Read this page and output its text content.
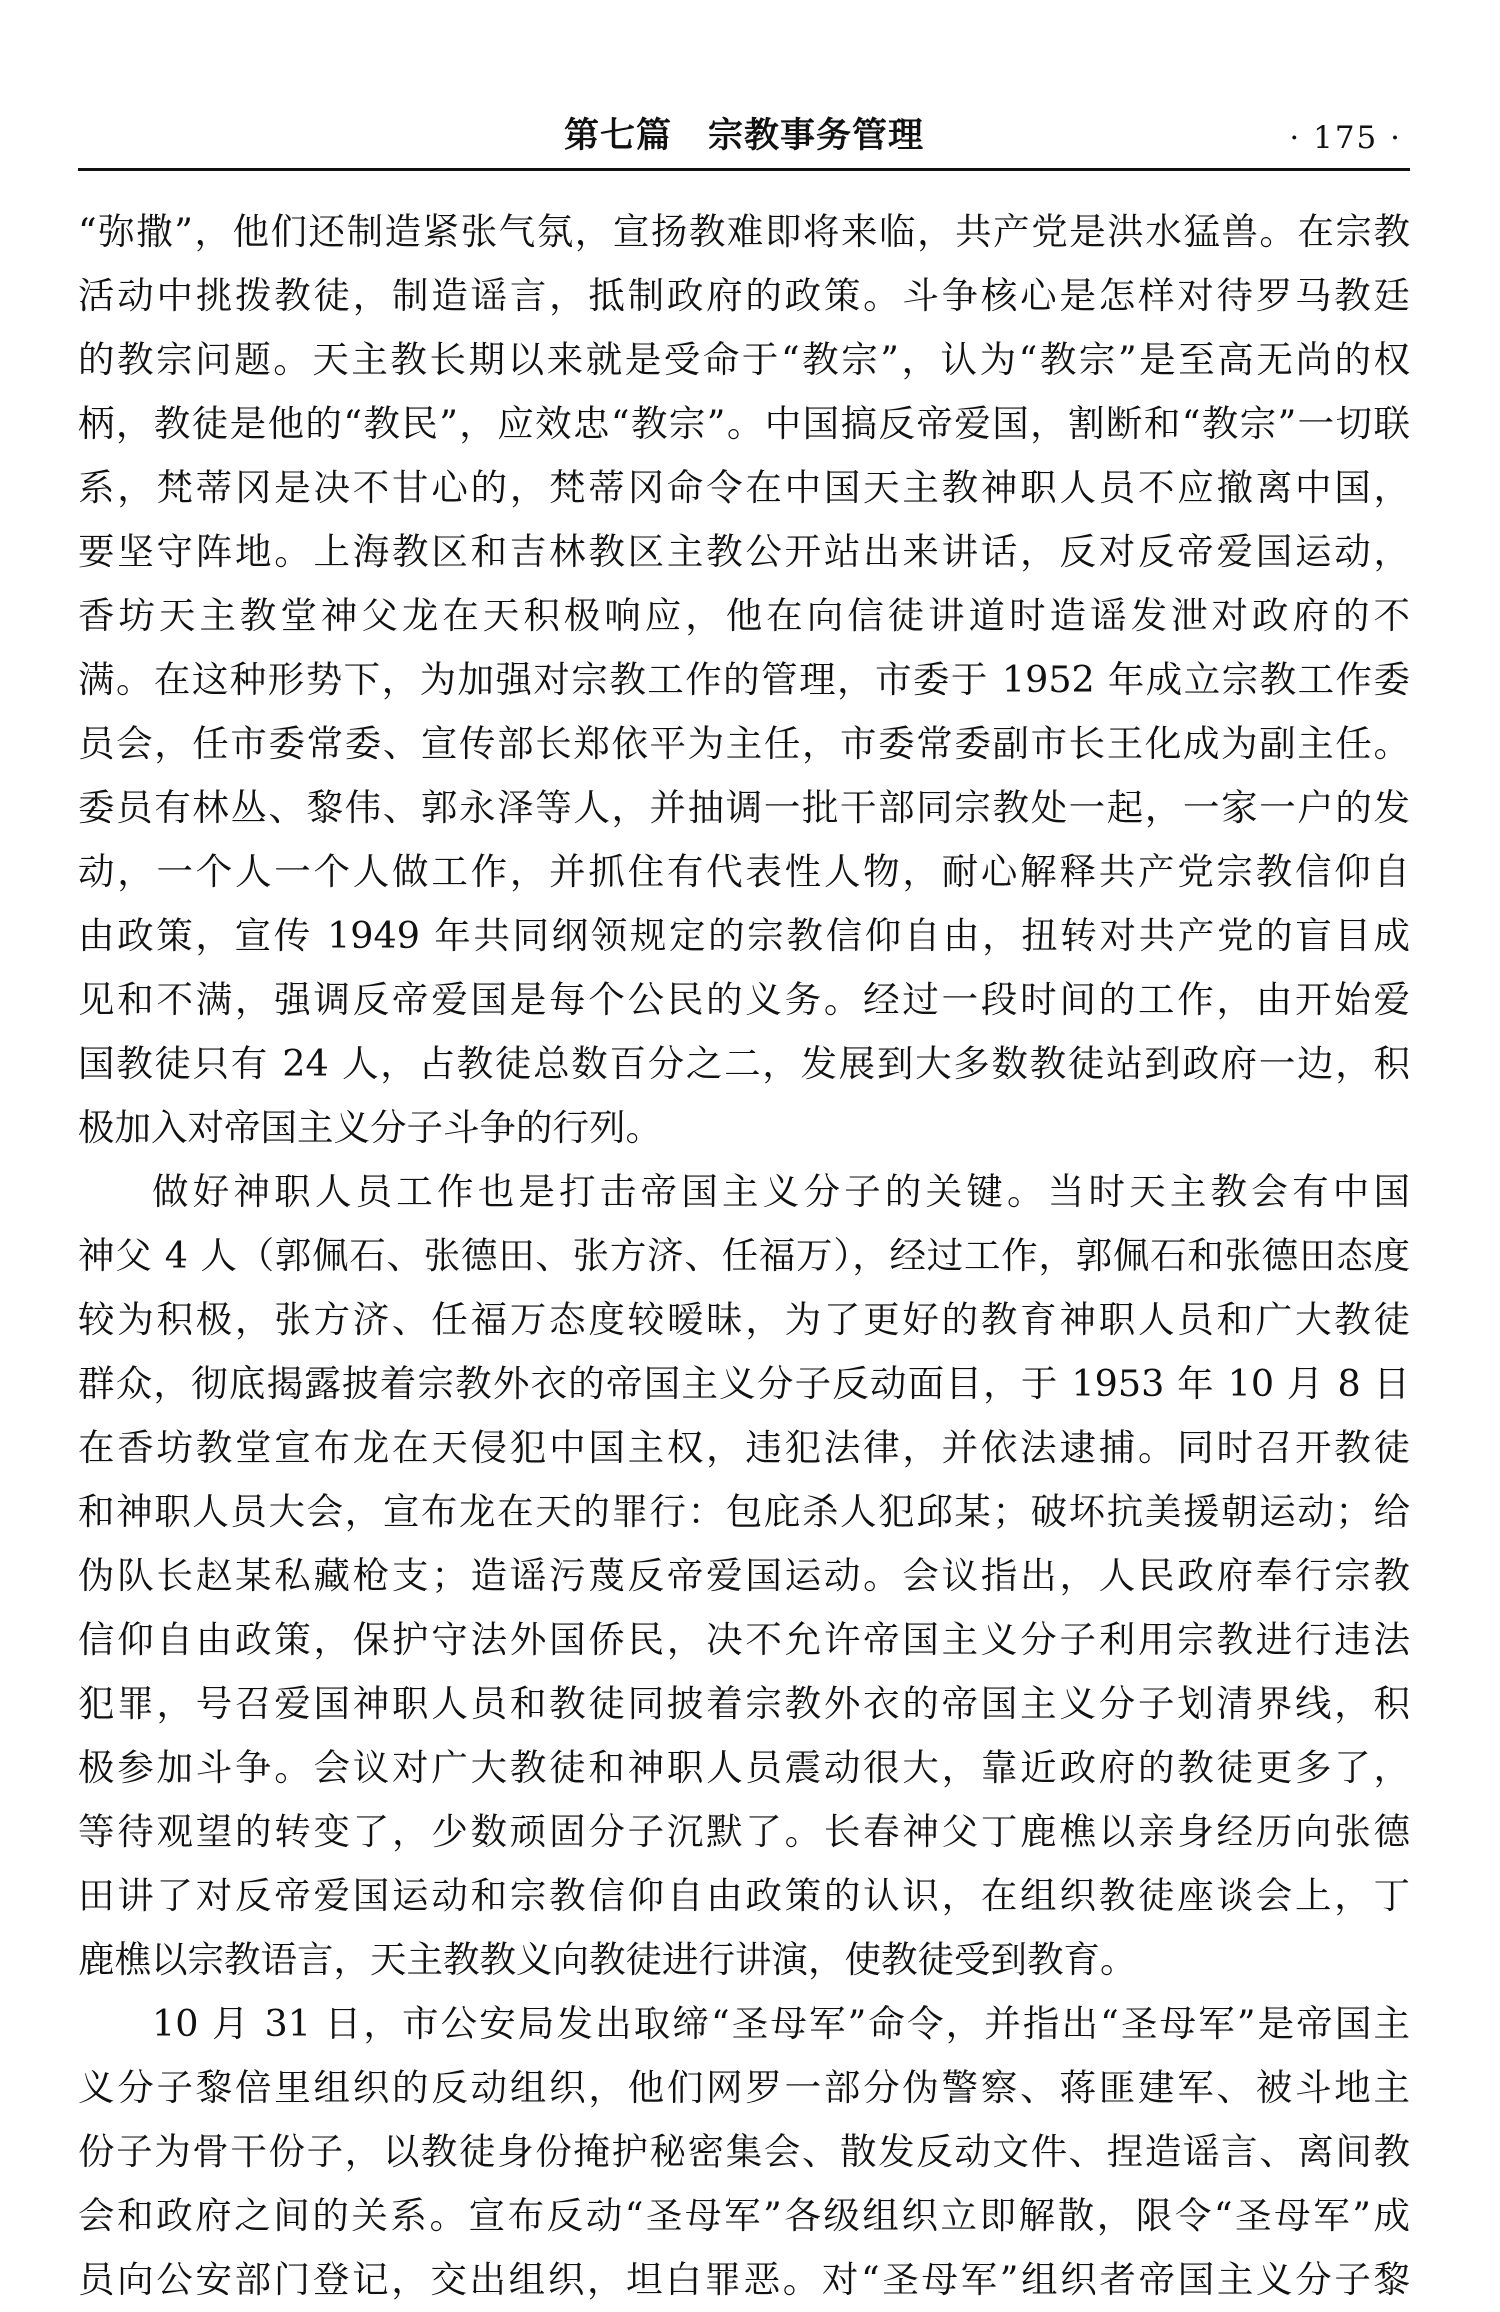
第七篇　宗教事务管理	· 175 ·
“弥撒”，他们还制造紧张气氛，宣扬教难即将来临，共产党是洪水猛兽。在宗教
活动中挑拨教徒，制造谣言，抵制政府的政策。斗争核心是怎样对待罗马教廷
的教宗问题。天主教长期以来就是受命于“教宗”，认为“教宗”是至高无尚的权
柄，教徒是他的“教民”，应效忠“教宗”。中国搞反帝爱国，割断和“教宗”一切联
系，梵蒂冈是决不甘心的，梵蒂冈命令在中国天主教神职人员不应撤离中国，
要坚守阵地。上海教区和吉林教区主教公开站出来讲话，反对反帝爱国运动，
香坊天主教堂神父龙在天积极响应，他在向信徒讲道时造谣发泄对政府的不
满。在这种形势下，为加强对宗教工作的管理，市委于 1952 年成立宗教工作委
员会，任市委常委、宣传部长郑依平为主任，市委常委副市长王化成为副主任。
委员有林丛、黎伟、郭永泽等人，并抽调一批干部同宗教处一起，一家一户的发
动，一个人一个人做工作，并抓住有代表性人物，耐心解释共产党宗教信仰自
由政策，宣传 1949 年共同纲领规定的宗教信仰自由，扭转对共产党的盲目成
见和不满，强调反帝爱国是每个公民的义务。经过一段时间的工作，由开始爱
国教徒只有 24 人，占教徒总数百分之二，发展到大多数教徒站到政府一边，积
极加入对帝国主义分子斗争的行列。
做好神职人员工作也是打击帝国主义分子的关键。当时天主教会有中国
神父 4 人（郭佩石、张德田、张方济、任福万），经过工作，郭佩石和张德田态度
较为积极，张方济、任福万态度较暧昧，为了更好的教育神职人员和广大教徒
群众，彻底揭露披着宗教外衣的帝国主义分子反动面目，于 1953 年 10 月 8 日
在香坊教堂宣布龙在天侵犯中国主权，违犯法律，并依法逮捕。同时召开教徒
和神职人员大会，宣布龙在天的罪行：包庇杀人犯邱某；破坏抗美援朝运动；给
伪队长赵某私藏枪支；造谣污蔑反帝爱国运动。会议指出，人民政府奉行宗教
信仰自由政策，保护守法外国侨民，决不允许帝国主义分子利用宗教进行违法
犯罪，号召爱国神职人员和教徒同披着宗教外衣的帝国主义分子划清界线，积
极参加斗争。会议对广大教徒和神职人员震动很大，靠近政府的教徒更多了，
等待观望的转变了，少数顽固分子沉默了。长春神父丁鹿樵以亲身经历向张德
田讲了对反帝爱国运动和宗教信仰自由政策的认识，在组织教徒座谈会上，丁
鹿樵以宗教语言，天主教教义向教徒进行讲演，使教徒受到教育。
10 月 31 日，市公安局发出取缔“圣母军”命令，并指出“圣母军”是帝国主
义分子黎倍里组织的反动组织，他们网罗一部分伪警察、蒋匪建军、被斗地主
份子为骨干份子，以教徒身份掩护秘密集会、散发反动文件、捏造谣言、离间教
会和政府之间的关系。宣布反动“圣母军”各级组织立即解散，限令“圣母军”成
员向公安部门登记，交出组织，坦白罪恶。对“圣母军”组织者帝国主义分子黎
